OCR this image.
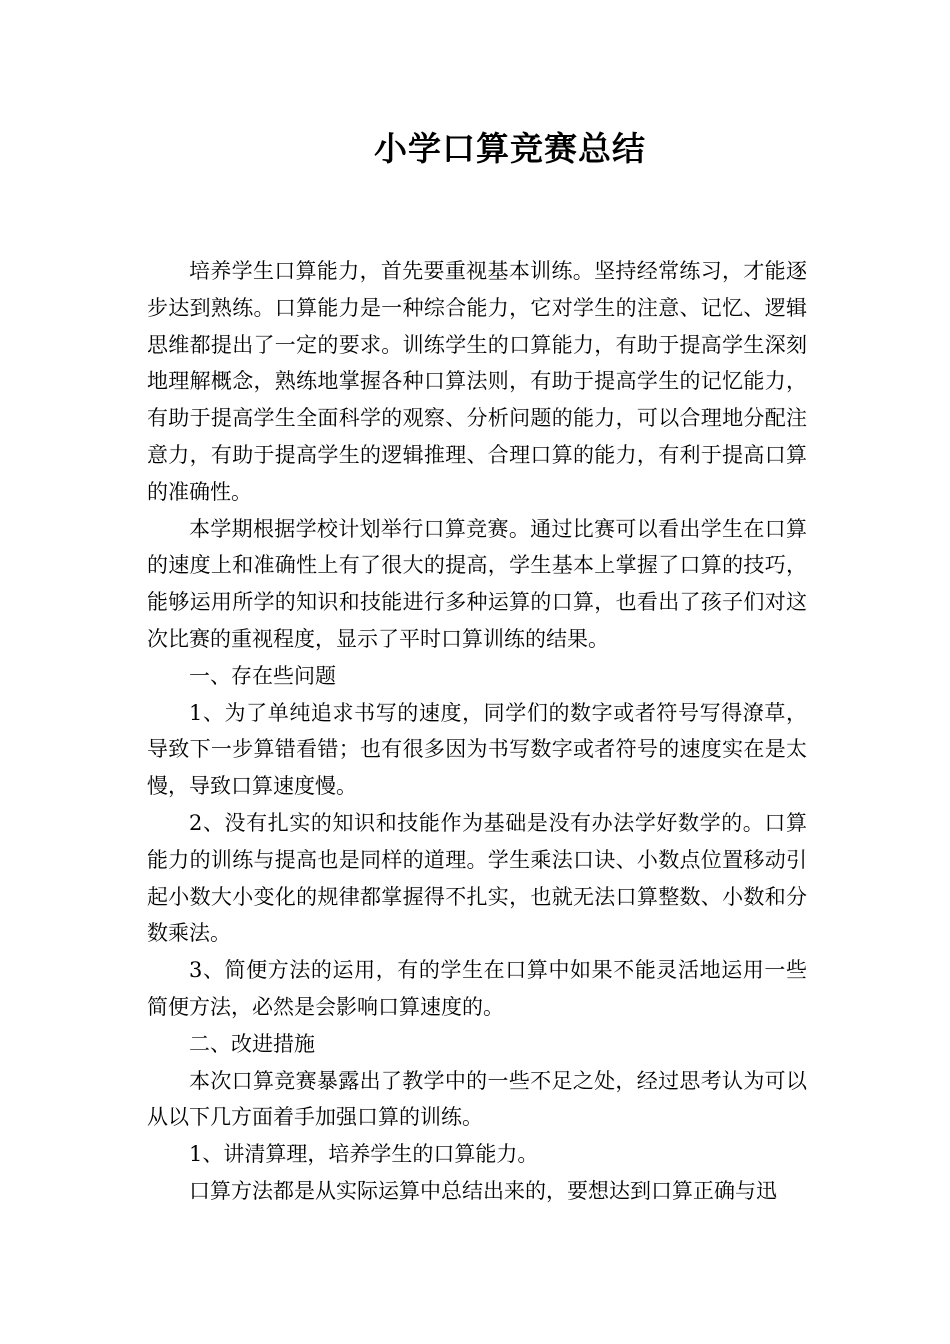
小学口算竞赛总结

培养学生口算能力，首先要重视基本训练。坚持经常练习，才能逐步达到熟练。口算能力是一种综合能力，它对学生的注意、记忆、逻辑思维都提出了一定的要求。训练学生的口算能力，有助于提高学生深刻地理解概念，熟练地掌握各种口算法则，有助于提高学生的记忆能力，有助于提高学生全面科学的观察、分析问题的能力，可以合理地分配注意力，有助于提高学生的逻辑推理、合理口算的能力，有利于提高口算的准确性。

本学期根据学校计划举行口算竞赛。通过比赛可以看出学生在口算的速度上和准确性上有了很大的提高，学生基本上掌握了口算的技巧，能够运用所学的知识和技能进行多种运算的口算，也看出了孩子们对这次比赛的重视程度，显示了平时口算训练的结果。

一、存在些问题

1、为了单纯追求书写的速度，同学们的数字或者符号写得潦草，导致下一步算错看错；也有很多因为书写数字或者符号的速度实在是太慢，导致口算速度慢。

2、没有扎实的知识和技能作为基础是没有办法学好数学的。口算能力的训练与提高也是同样的道理。学生乘法口诀、小数点位置移动引起小数大小变化的规律都掌握得不扎实，也就无法口算整数、小数和分数乘法。

3、简便方法的运用，有的学生在口算中如果不能灵活地运用一些简便方法，必然是会影响口算速度的。

二、改进措施

本次口算竞赛暴露出了教学中的一些不足之处，经过思考认为可以从以下几方面着手加强口算的训练。

1、讲清算理，培养学生的口算能力。

口算方法都是从实际运算中总结出来的，要想达到口算正确与迅
